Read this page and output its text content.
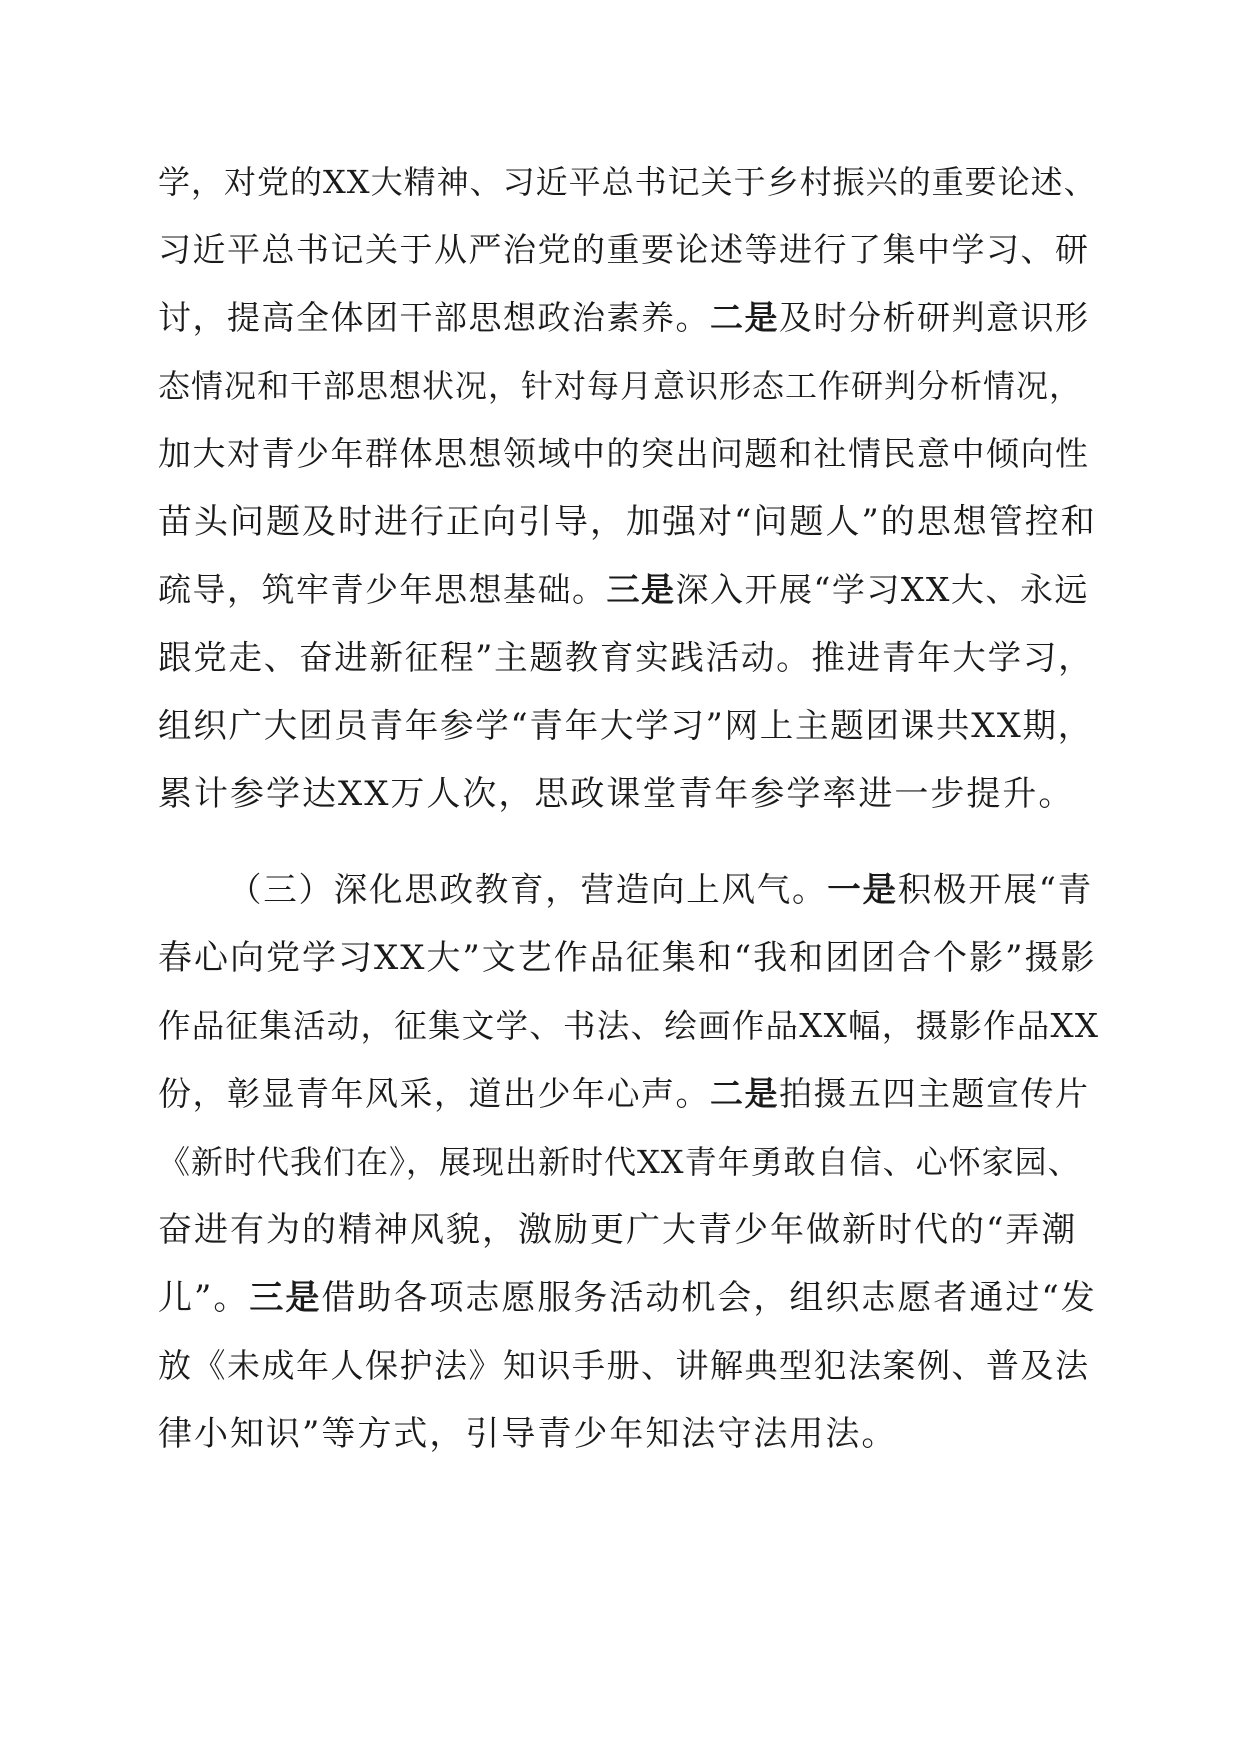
学，对党的XX大精神、习近平总书记关于乡村振兴的重要论述、
习近平总书记关于从严治党的重要论述等进行了集中学习、研
讨，提高全体团干部思想政治素养。二是及时分析研判意识形
态情况和干部思想状况，针对每月意识形态工作研判分析情况，
加大对青少年群体思想领域中的突出问题和社情民意中倾向性
苗头问题及时进行正向引导，加强对“问题人”的思想管控和
疏导，筑牢青少年思想基础。三是深入开展“学习XX大、永远
跟党走、奋进新征程”主题教育实践活动。推进青年大学习，
组织广大团员青年参学“青年大学习”网上主题团课共XX期，
累计参学达XX万人次，思政课堂青年参学率进一步提升。
（三）深化思政教育，营造向上风气。一是积极开展“青
春心向党学习XX大”文艺作品征集和“我和团团合个影”摄影
作品征集活动，征集文学、书法、绘画作品XX幅，摄影作品XX
份，彰显青年风采，道出少年心声。二是拍摄五四主题宣传片
《新时代我们在》，展现出新时代XX青年勇敢自信、心怀家园、
奋进有为的精神风貌，激励更广大青少年做新时代的“弄潮
儿”。三是借助各项志愿服务活动机会，组织志愿者通过“发
放《未成年人保护法》知识手册、讲解典型犯法案例、普及法
律小知识”等方式，引导青少年知法守法用法。
